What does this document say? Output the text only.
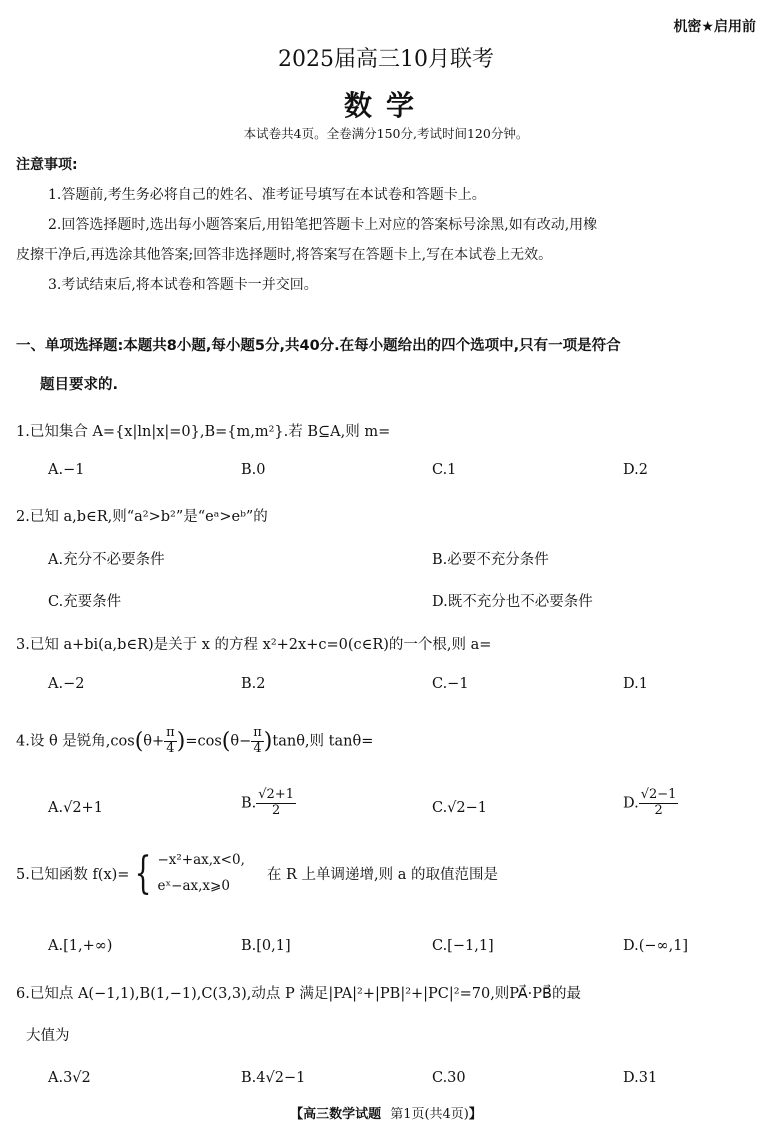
机密★启用前
2025届高三10月联考
数学
本试卷共4页。全卷满分150分,考试时间120分钟。
注意事项:
1.答题前,考生务必将自己的姓名、准考证号填写在本试卷和答题卡上。
2.回答选择题时,选出每小题答案后,用铅笔把答题卡上对应的答案标号涂黑,如有改动,用橡
皮擦干净后,再选涂其他答案;回答非选择题时,将答案写在答题卡上,写在本试卷上无效。
3.考试结束后,将本试卷和答题卡一并交回。
一、单项选择题:本题共8小题,每小题5分,共40分.在每小题给出的四个选项中,只有一项是符合
题目要求的.
1.已知集合 A={x|ln|x|=0},B={m,m²}.若 B⊆A,则 m=
A.−1	B.0	C.1	D.2
2.已知 a,b∈R,则“a²>b²”是“eᵃ>eᵇ”的
A.充分不必要条件	B.必要不充分条件
C.充要条件	D.既不充分也不必要条件
3.已知 a+bi(a,b∈R)是关于 x 的方程 x²+2x+c=0(c∈R)的一个根,则 a=
A.−2	B.2	C.−1	D.1
4.设 θ 是锐角$,\cos(\theta+ \frac{\pi}{4} )=\cos(\theta- \frac{\pi}{4} )\tan\theta$,则 tanθ=
A.√2+1	B. $\frac{√2+1}{2}$	C.√2−1	D. $\frac{√2-1}{2}$
5.已知函数 f(x)= { −x²+ax,x<0,
eˣ−ax,x⩾0
在 R 上单调递增,则 a 的取值范围是
A.[1,+∞)	B.[0,1]	C.[−1,1]	D.(−∞,1]
6.已知点 A(−1,1),B(1,−1),C(3,3),动点 P 满足|PA|²+|PB|²+|PC|²=70,则PA⃗·PB⃗的最
大值为
A.3√2	B.4√2−1	C.30	D.31
【高三数学试题 第1页(共4页)】
